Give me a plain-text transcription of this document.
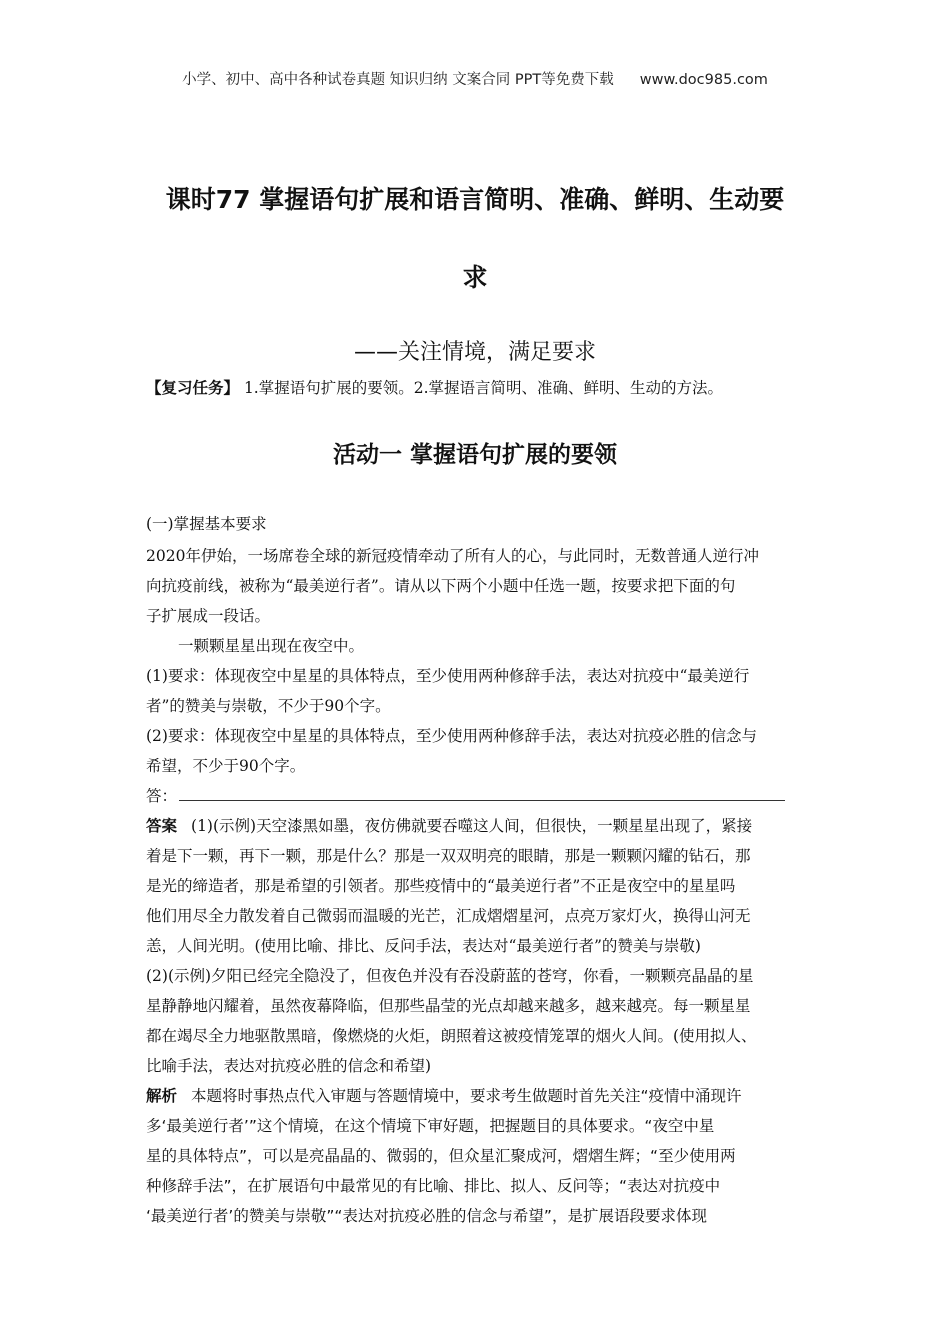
小学、初中、高中各种试卷真题 知识归纳 文案合同 PPT等免费下载 www.doc985.com
课时77 掌握语句扩展和语言简明、准确、鲜明、生动要
求
——关注情境，满足要求
【复习任务】 1.掌握语句扩展的要领。2.掌握语言简明、准确、鲜明、生动的方法。
活动一 掌握语句扩展的要领
(一)掌握基本要求
2020年伊始，一场席卷全球的新冠疫情牵动了所有人的心，与此同时，无数普通人逆行冲
向抗疫前线，被称为“最美逆行者”。请从以下两个小题中任选一题，按要求把下面的句
子扩展成一段话。
一颗颗星星出现在夜空中。
(1)要求：体现夜空中星星的具体特点，至少使用两种修辞手法，表达对抗疫中“最美逆行
者”的赞美与崇敬，不少于90个字。
(2)要求：体现夜空中星星的具体特点，至少使用两种修辞手法，表达对抗疫必胜的信念与
希望，不少于90个字。
答：
答案 (1)(示例)天空漆黑如墨，夜仿佛就要吞噬这人间，但很快，一颗星星出现了，紧接
着是下一颗，再下一颗，那是什么？那是一双双明亮的眼睛，那是一颗颗闪耀的钻石，那
是光的缔造者，那是希望的引领者。那些疫情中的“最美逆行者”不正是夜空中的星星吗
他们用尽全力散发着自己微弱而温暖的光芒，汇成熠熠星河，点亮万家灯火，换得山河无
恙，人间光明。(使用比喻、排比、反问手法，表达对“最美逆行者”的赞美与崇敬)
(2)(示例)夕阳已经完全隐没了，但夜色并没有吞没蔚蓝的苍穹，你看，一颗颗亮晶晶的星
星静静地闪耀着，虽然夜幕降临，但那些晶莹的光点却越来越多，越来越亮。每一颗星星
都在竭尽全力地驱散黑暗，像燃烧的火炬，朗照着这被疫情笼罩的烟火人间。(使用拟人、
比喻手法，表达对抗疫必胜的信念和希望)
解析 本题将时事热点代入审题与答题情境中，要求考生做题时首先关注“疫情中涌现许
多‘最美逆行者’”这个情境，在这个情境下审好题，把握题目的具体要求。“夜空中星
星的具体特点”，可以是亮晶晶的、微弱的，但众星汇聚成河，熠熠生辉；“至少使用两
种修辞手法”，在扩展语句中最常见的有比喻、排比、拟人、反问等；“表达对抗疫中
‘最美逆行者’的赞美与崇敬”“表达对抗疫必胜的信念与希望”，是扩展语段要求体现
